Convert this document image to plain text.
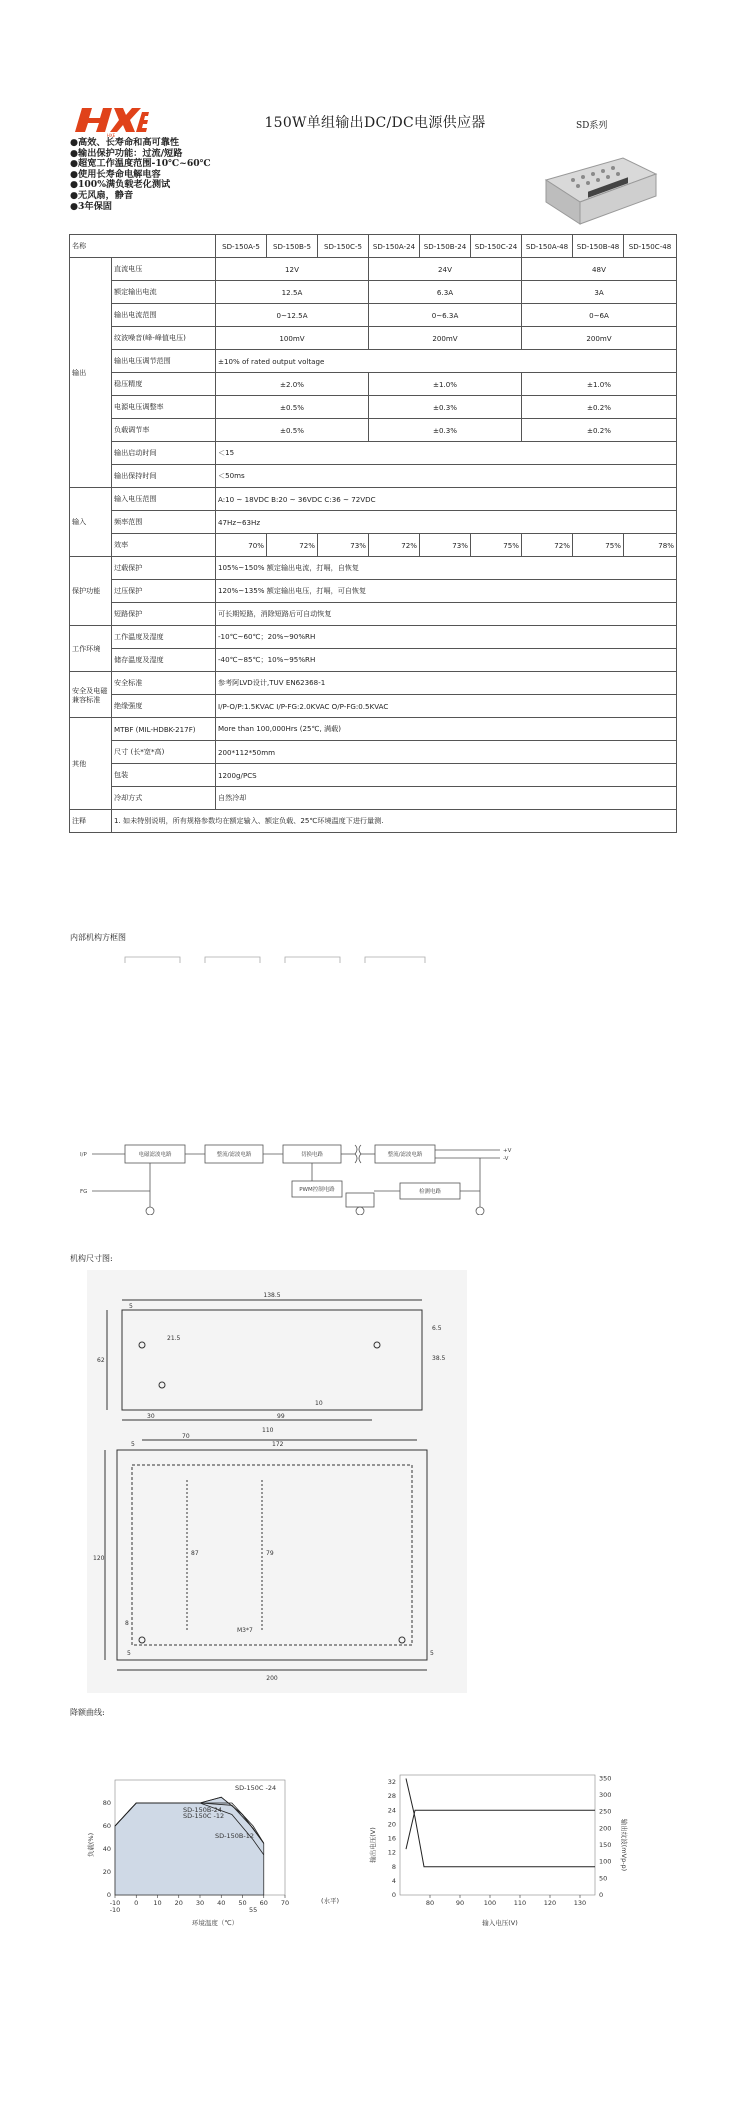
HXE
150W单组输出DC/DC电源供应器	SD系列
●高效、长寿命和高可靠性
●输出保护功能：过流/短路
●超宽工作温度范围-10℃~60℃
●使用长寿命电解电容
●100%满负载老化测试
●无风扇，静音
●3年保固
名称		SD-150A-5	SD-150B-5	SD-150C-5	SD-150A-24	SD-150B-24	SD-150C-24	SD-150A-48	SD-150B-48	SD-150C-48
输出	直流电压	12V			24V			48V		
	额定输出电流	12.5A			6.3A			3A		
	输出电流范围	0~12.5A			0~6.3A			0~6A		
	纹波噪音(峰-峰值电压)	100mV			200mV			200mV		
	输出电压调节范围	±10% of rated output voltage								
	稳压精度	±2.0%			±1.0%			±1.0%		
	电源电压调整率	±0.5%			±0.3%			±0.2%		
	负载调节率	±0.5%			±0.3%			±0.2%		
	输出启动时间	＜15								
	输出保持时间	＜50ms								
输入	输入电压范围	A:10 ~ 18VDC B:20 ~ 36VDC C:36 ~ 72VDC								
	频率范围	47Hz~63Hz								
	效率	70%	72%	73%	72%	73%	75%	72%	75%	78%
保护功能	过载保护	105%~150% 额定输出电流，打嗝，自恢复								
	过压保护	120%~135% 额定输出电压，打嗝，可自恢复								
	短路保护	可长期短路，消除短路后可自动恢复								
工作环境	工作温度及湿度	-10℃~60℃；20%~90%RH								
	储存温度及湿度	-40℃~85℃；10%~95%RH								
安全及电磁兼容标准	安全标准	参考阿LVD设计,TUV EN62368-1								
	绝缘强度	I/P-O/P:1.5KVAC I/P-FG:2.0KVAC O/P-FG:0.5KVAC								
其他	MTBF (MIL-HDBK-217F)	More than 100,000Hrs (25℃, 满载)								
	尺寸 (长*宽*高)	200*112*50mm								
	包装	1200g/PCS								
	冷却方式	自然冷却								
注释	1. 如未特别说明，所有规格参数均在额定输入、额定负载、25℃环境温度下进行量测.									
内部机构方框图
电磁滤波电路	整流/滤波电路	切换电路	整流/滤波电路
PWM控制电路	检测电路
I/P
FG
+V
-V
机构尺寸图:
138.5
5
21.5
6.5
38.5
62
30
10
99
70
110
5	172
120
87	79
8
M3*7
5
200
5
降额曲线:
负载(%)
环境温度（℃）
(水平)
SD-150C -24
SD-150B-24
SD-150C -12
SD-150B-12
-10 0 10 20 30 40 50 60 70
-10	55
0
20
40
60
80
输出电压(V)	输出纹波(mVp-p)
输入电压(V)
80	90	100	110	120	130
0
4
8
12
16
20
24
28
32
0
50
100
150
200
250
300
350
